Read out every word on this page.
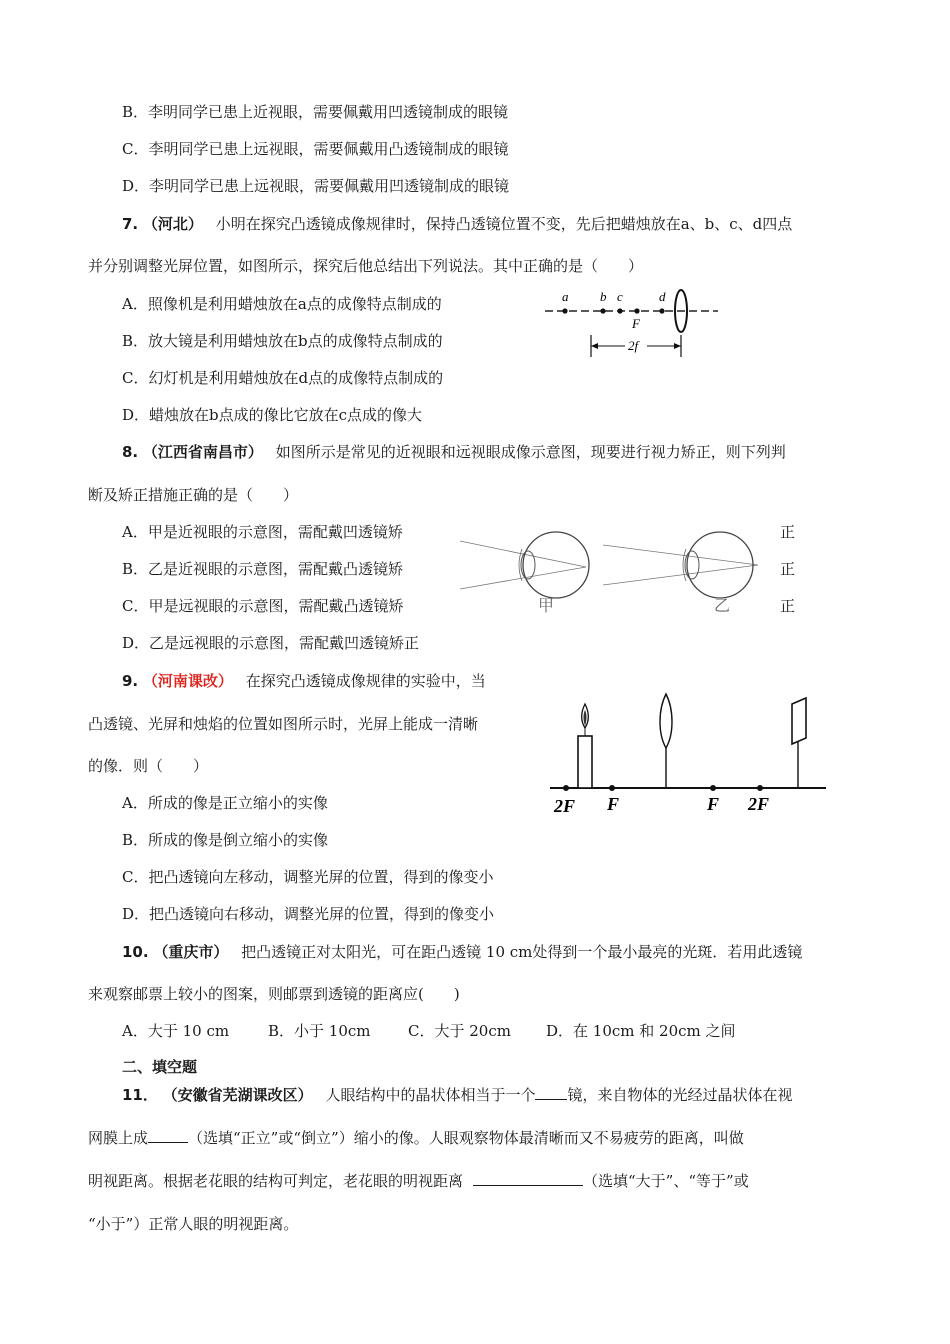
B．李明同学已患上近视眼，需要佩戴用凹透镜制成的眼镜
C．李明同学已患上远视眼，需要佩戴用凸透镜制成的眼镜
D．李明同学已患上远视眼，需要佩戴用凹透镜制成的眼镜
7. （河北） 小明在探究凸透镜成像规律时，保持凸透镜位置不变，先后把蜡烛放在a、b、c、d四点
并分别调整光屏位置，如图所示，探究后他总结出下列说法。其中正确的是（　　）
A．照像机是利用蜡烛放在a点的成像特点制成的
B．放大镜是利用蜡烛放在b点的成像特点制成的
C．幻灯机是利用蜡烛放在d点的成像特点制成的
D．蜡烛放在b点成的像比它放在c点成的像大
a b c	d
F
2f
8. （江西省南昌市） 如图所示是常见的近视眼和远视眼成像示意图，现要进行视力矫正，则下列判
断及矫正措施正确的是（　　）
A．甲是近视眼的示意图，需配戴凹透镜矫
B．乙是近视眼的示意图，需配戴凸透镜矫
C．甲是远视眼的示意图，需配戴凸透镜矫
D．乙是远视眼的示意图，需配戴凹透镜矫正
正
正
正
甲	乙
9. （河南课改） 在探究凸透镜成像规律的实验中，当
凸透镜、光屏和烛焰的位置如图所示时，光屏上能成一清晰
的像．则（　　）
A．所成的像是正立缩小的实像
B．所成的像是倒立缩小的实像
C．把凸透镜向左移动，调整光屏的位置，得到的像变小
D．把凸透镜向右移动，调整光屏的位置，得到的像变小
2F F	F 2F
10. （重庆市） 把凸透镜正对太阳光，可在距凸透镜 10 cm处得到一个最小最亮的光斑．若用此透镜
来观察邮票上较小的图案，则邮票到透镜的距离应(　　)
A．大于 10 cm	B．小于 10cm C．大于 20cm D．在 10cm 和 20cm 之间
二、填空题
11． （安徽省芜湖课改区） 人眼结构中的晶状体相当于一个 镜，来自物体的光经过晶状体在视
网膜上成	（选填“正立”或“倒立”）缩小的像。人眼观察物体最清晰而又不易疲劳的距离，叫做
明视距离。根据老花眼的结构可判定，老花眼的明视距离	（选填“大于”、“等于”或
“小于”）正常人眼的明视距离。
